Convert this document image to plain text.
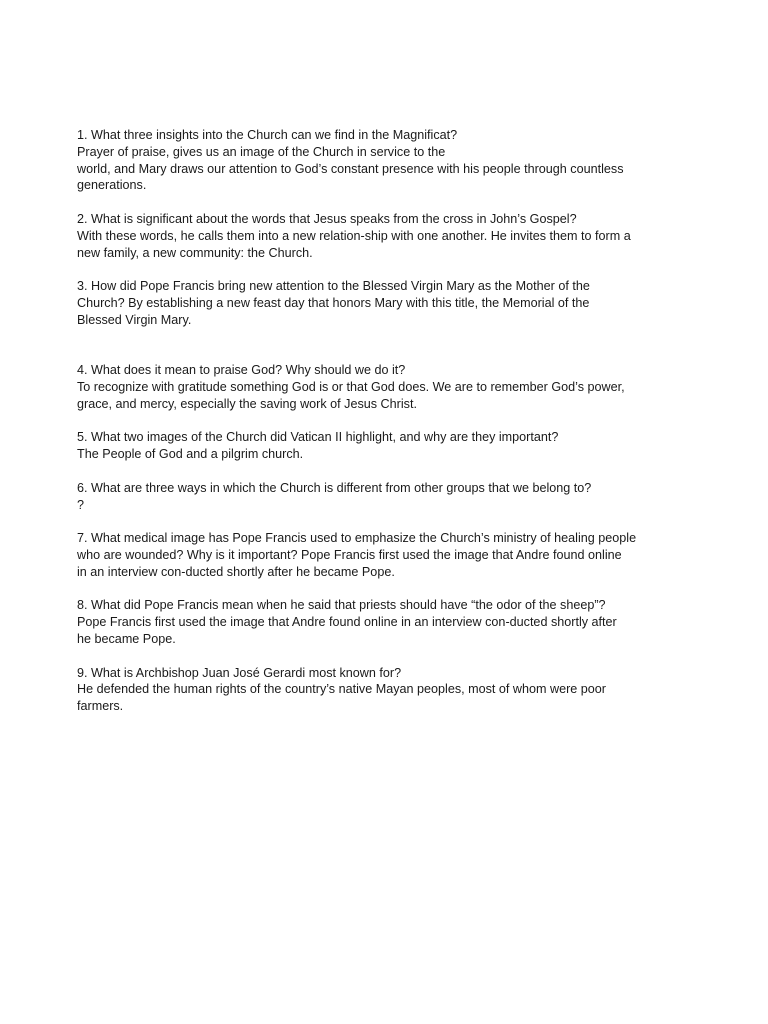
1. What three insights into the Church can we find in the Magnificat?
Prayer of praise, gives us an image of the Church in service to the
world, and Mary draws our attention to God’s constant presence with his people through countless
generations.
2. What is significant about the words that Jesus speaks from the cross in John’s Gospel?
With these words, he calls them into a new relation-ship with one another. He invites them to form a
new family, a new community: the Church.
3. How did Pope Francis bring new attention to the Blessed Virgin Mary as the Mother of the
Church? By establishing a new feast day that honors Mary with this title, the Memorial of the
Blessed Virgin Mary.
4. What does it mean to praise God? Why should we do it?
To recognize with gratitude something God is or that God does. We are to remember God’s power,
grace, and mercy, especially the saving work of Jesus Christ.
5. What two images of the Church did Vatican II highlight, and why are they important?
The People of God and a pilgrim church.
6. What are three ways in which the Church is different from other groups that we belong to?
?
7. What medical image has Pope Francis used to emphasize the Church’s ministry of healing people
who are wounded? Why is it important? Pope Francis first used the image that Andre found online
in an interview con-ducted shortly after he became Pope.
8. What did Pope Francis mean when he said that priests should have “the odor of the sheep”?
Pope Francis first used the image that Andre found online in an interview con-ducted shortly after
he became Pope.
9. What is Archbishop Juan José Gerardi most known for?
He defended the human rights of the country’s native Mayan peoples, most of whom were poor
farmers.
